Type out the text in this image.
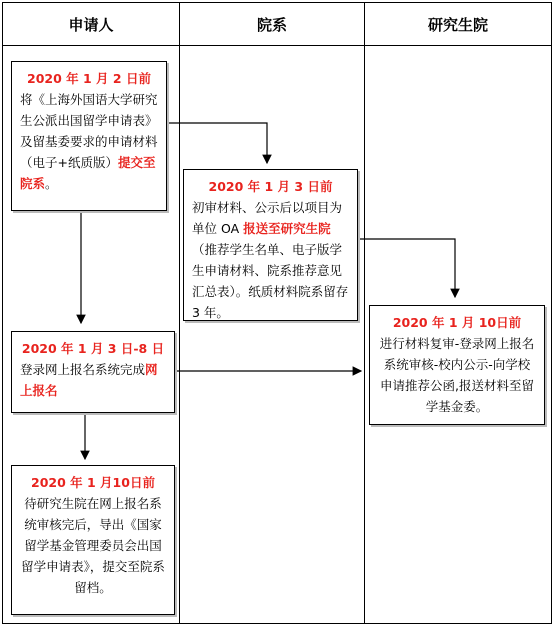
申请人	院系	研究生院
2020 年 1 月 2 日前
将《上海外国语大学研究生公派出国留学申请表》及留基委要求的申请材料（电子+纸质版）提交至院系。	2020 年 1 月 3 日前
初审材料、公示后以项目为单位 OA 报送至研究生院（推荐学生名单、电子版学生申请材料、院系推荐意见汇总表）。纸质材料院系留存 3 年。
2020 年 1 月 3 日-8 日
登录网上报名系统完成网上报名
2020 年 1 月 10日前
进行材料复审-登录网上报名系统审核-校内公示-向学校申请推荐公函,报送材料至留学基金委。
2020 年 1 月10日前
待研究生院在网上报名系统审核完后，导出《国家留学基金管理委员会出国留学申请表》，提交至院系留档。
